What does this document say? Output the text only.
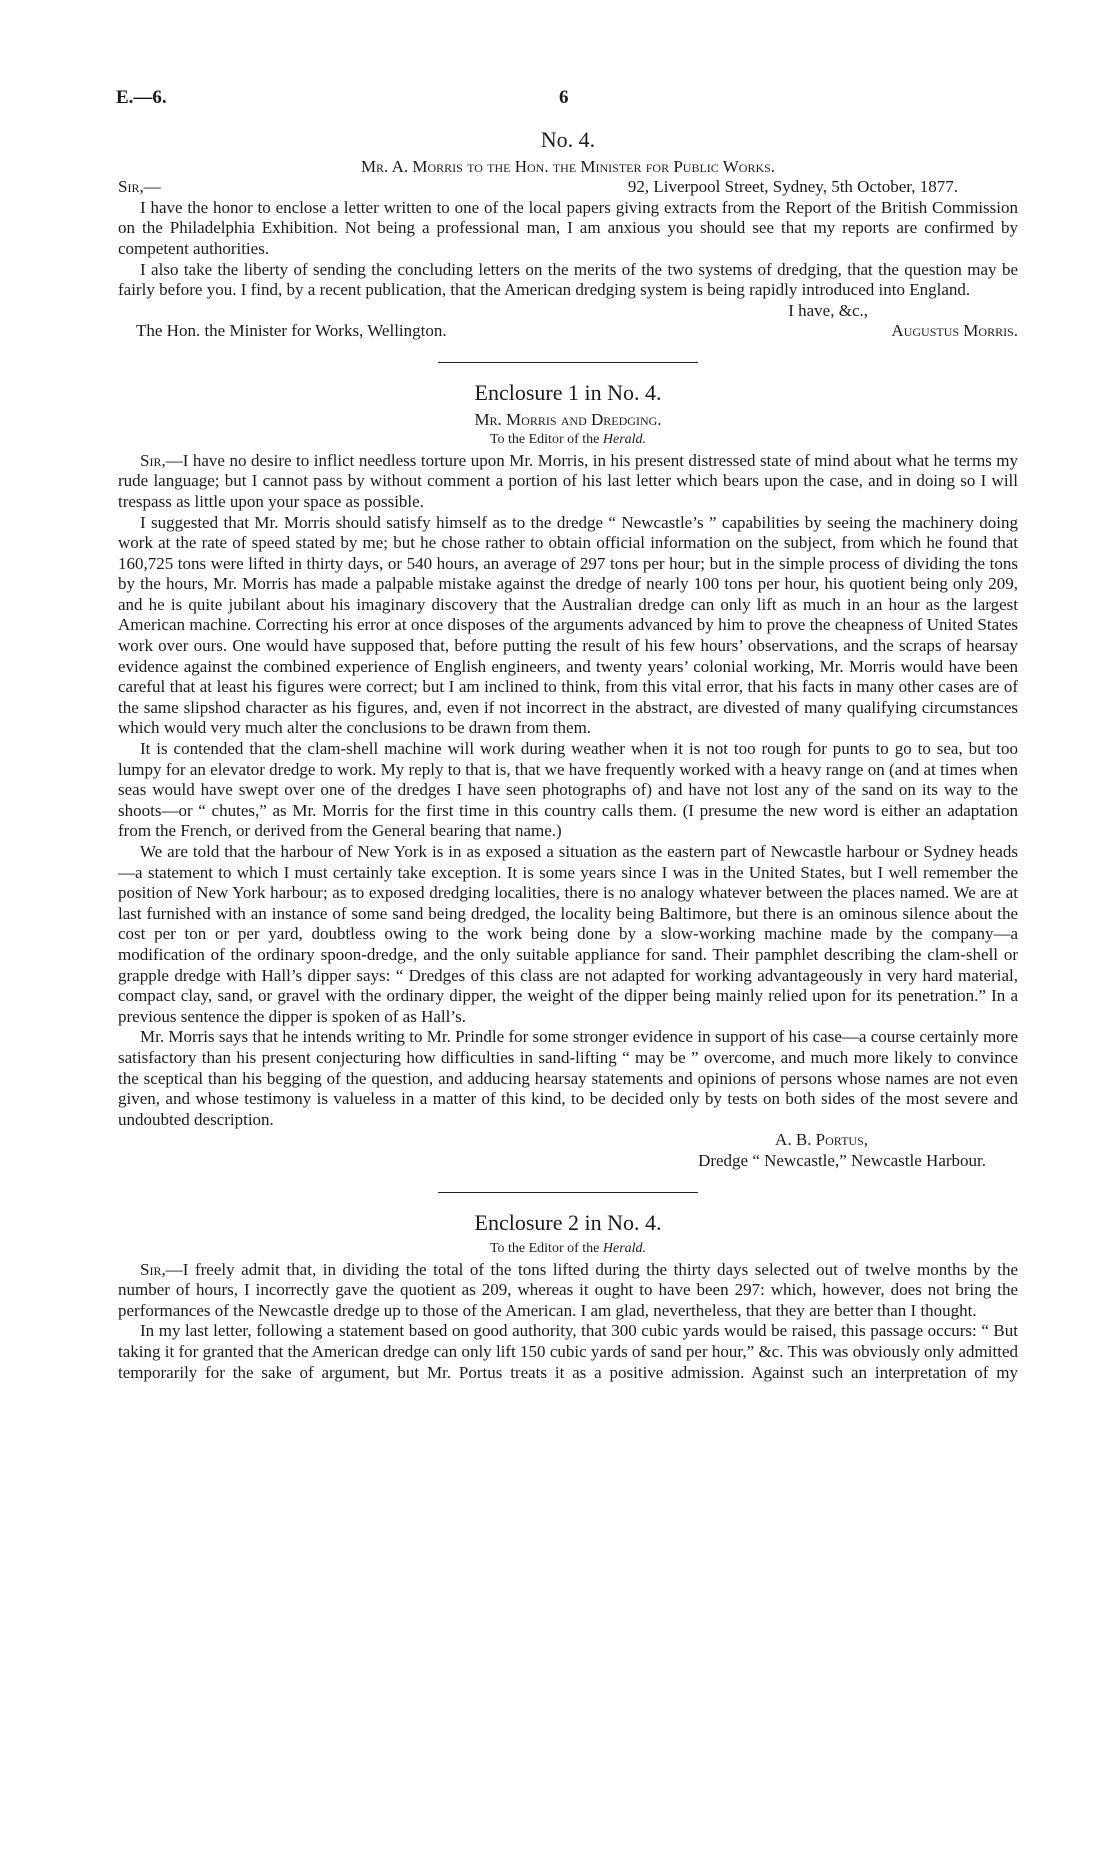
E.—6.	6
No. 4.
Mr. A. Morris to the Hon. the Minister for Public Works.
Sir,—	92, Liverpool Street, Sydney, 5th October, 1877.

I have the honor to enclose a letter written to one of the local papers giving extracts from the Report of the British Commission on the Philadelphia Exhibition. Not being a professional man, I am anxious you should see that my reports are confirmed by competent authorities.

I also take the liberty of sending the concluding letters on the merits of the two systems of dredging, that the question may be fairly before you. I find, by a recent publication, that the American dredging system is being rapidly introduced into England.

I have, &c.,
The Hon. the Minister for Works, Wellington.	Augustus Morris.
Enclosure 1 in No. 4.
Mr. Morris and Dredging.
To the Editor of the Herald.

Sir,—I have no desire to inflict needless torture upon Mr. Morris, in his present distressed state of mind about what he terms my rude language; but I cannot pass by without comment a portion of his last letter which bears upon the case, and in doing so I will trespass as little upon your space as possible.

I suggested that Mr. Morris should satisfy himself as to the dredge “ Newcastle’s ” capabilities by seeing the machinery doing work at the rate of speed stated by me; but he chose rather to obtain official information on the subject, from which he found that 160,725 tons were lifted in thirty days, or 540 hours, an average of 297 tons per hour; but in the simple process of dividing the tons by the hours, Mr. Morris has made a palpable mistake against the dredge of nearly 100 tons per hour, his quotient being only 209, and he is quite jubilant about his imaginary discovery that the Australian dredge can only lift as much in an hour as the largest American machine. Correcting his error at once disposes of the arguments advanced by him to prove the cheapness of United States work over ours. One would have supposed that, before putting the result of his few hours’ observations, and the scraps of hearsay evidence against the combined experience of English engineers, and twenty years’ colonial working, Mr. Morris would have been careful that at least his figures were correct; but I am inclined to think, from this vital error, that his facts in many other cases are of the same slipshod character as his figures, and, even if not incorrect in the abstract, are divested of many qualifying circumstances which would very much alter the conclusions to be drawn from them.

It is contended that the clam-shell machine will work during weather when it is not too rough for punts to go to sea, but too lumpy for an elevator dredge to work. My reply to that is, that we have frequently worked with a heavy range on (and at times when seas would have swept over one of the dredges I have seen photographs of) and have not lost any of the sand on its way to the shoots—or “ chutes,” as Mr. Morris for the first time in this country calls them. (I presume the new word is either an adaptation from the French, or derived from the General bearing that name.)

We are told that the harbour of New York is in as exposed a situation as the eastern part of Newcastle harbour or Sydney heads—a statement to which I must certainly take exception. It is some years since I was in the United States, but I well remember the position of New York harbour; as to exposed dredging localities, there is no analogy whatever between the places named. We are at last furnished with an instance of some sand being dredged, the locality being Baltimore, but there is an ominous silence about the cost per ton or per yard, doubtless owing to the work being done by a slow-working machine made by the company—a modification of the ordinary spoon-dredge, and the only suitable appliance for sand. Their pamphlet describing the clam-shell or grapple dredge with Hall’s dipper says: “ Dredges of this class are not adapted for working advantageously in very hard material, compact clay, sand, or gravel with the ordinary dipper, the weight of the dipper being mainly relied upon for its penetration.” In a previous sentence the dipper is spoken of as Hall’s.

Mr. Morris says that he intends writing to Mr. Prindle for some stronger evidence in support of his case—a course certainly more satisfactory than his present conjecturing how difficulties in sand-lifting “ may be ” overcome, and much more likely to convince the sceptical than his begging of the question, and adducing hearsay statements and opinions of persons whose names are not even given, and whose testimony is valueless in a matter of this kind, to be decided only by tests on both sides of the most severe and undoubted description.

A. B. Portus,
Dredge “ Newcastle,” Newcastle Harbour.
Enclosure 2 in No. 4.
To the Editor of the Herald.

Sir,—I freely admit that, in dividing the total of the tons lifted during the thirty days selected out of twelve months by the number of hours, I incorrectly gave the quotient as 209, whereas it ought to have been 297: which, however, does not bring the performances of the Newcastle dredge up to those of the American. I am glad, nevertheless, that they are better than I thought.

In my last letter, following a statement based on good authority, that 300 cubic yards would be raised, this passage occurs: “ But taking it for granted that the American dredge can only lift 150 cubic yards of sand per hour,” &c. This was obviously only admitted temporarily for the sake of argument, but Mr. Portus treats it as a positive admission. Against such an interpretation of my
